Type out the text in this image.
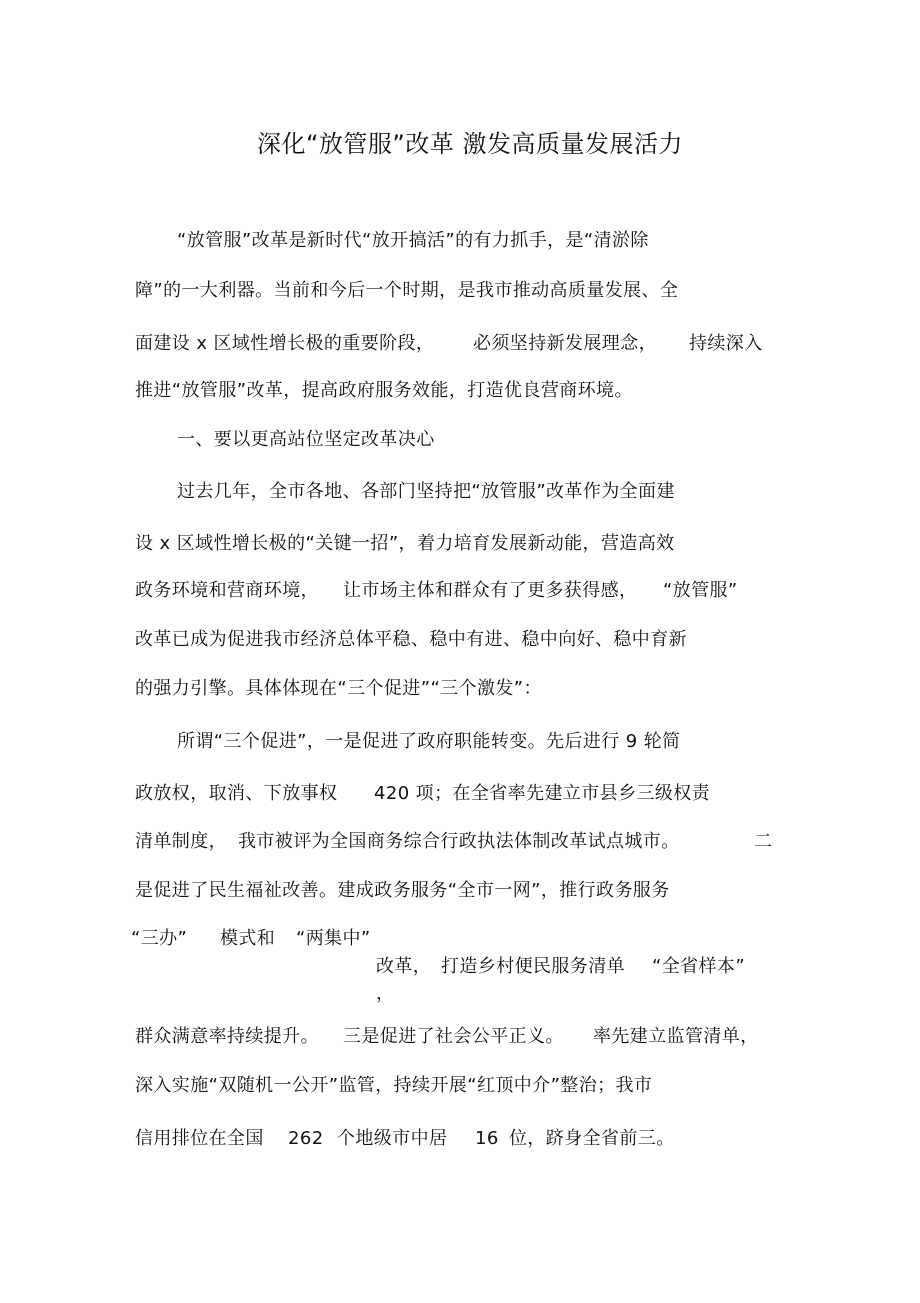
深化“放管服”改革 激发高质量发展活力
“放管服”改革是新时代“放开搞活”的有力抓手，是“清淤除
障”的一大利器。当前和今后一个时期，是我市推动高质量发展、全
面建设 x 区域性增长极的重要阶段， 必须坚持新发展理念， 持续深入
推进“放管服”改革，提高政府服务效能，打造优良营商环境。
一、要以更高站位坚定改革决心
过去几年，全市各地、各部门坚持把“放管服”改革作为全面建
设 x 区域性增长极的“关键一招”，着力培育发展新动能，营造高效
政务环境和营商环境， 让市场主体和群众有了更多获得感， “放管服”
改革已成为促进我市经济总体平稳、稳中有进、稳中向好、稳中育新
的强力引擎。具体体现在“三个促进”“三个激发”：
所谓“三个促进”，一是促进了政府职能转变。先后进行 9 轮简
政放权，取消、下放事权 420 项；在全省率先建立市县乡三级权责
清单制度， 我市被评为全国商务综合行政执法体制改革试点城市。	二
是促进了民生福祉改善。建成政务服务“全市一网”，推行政务服务
“三办” 模式和 “两集中”
改革， 打造乡村便民服务清单 “全省样本”
，
群众满意率持续提升。 三是促进了社会公平正义。 率先建立监管清单，
深入实施“双随机一公开”监管，持续开展“红顶中介”整治；我市
信用排位在全国 262 个地级市中居 16 位，跻身全省前三。
